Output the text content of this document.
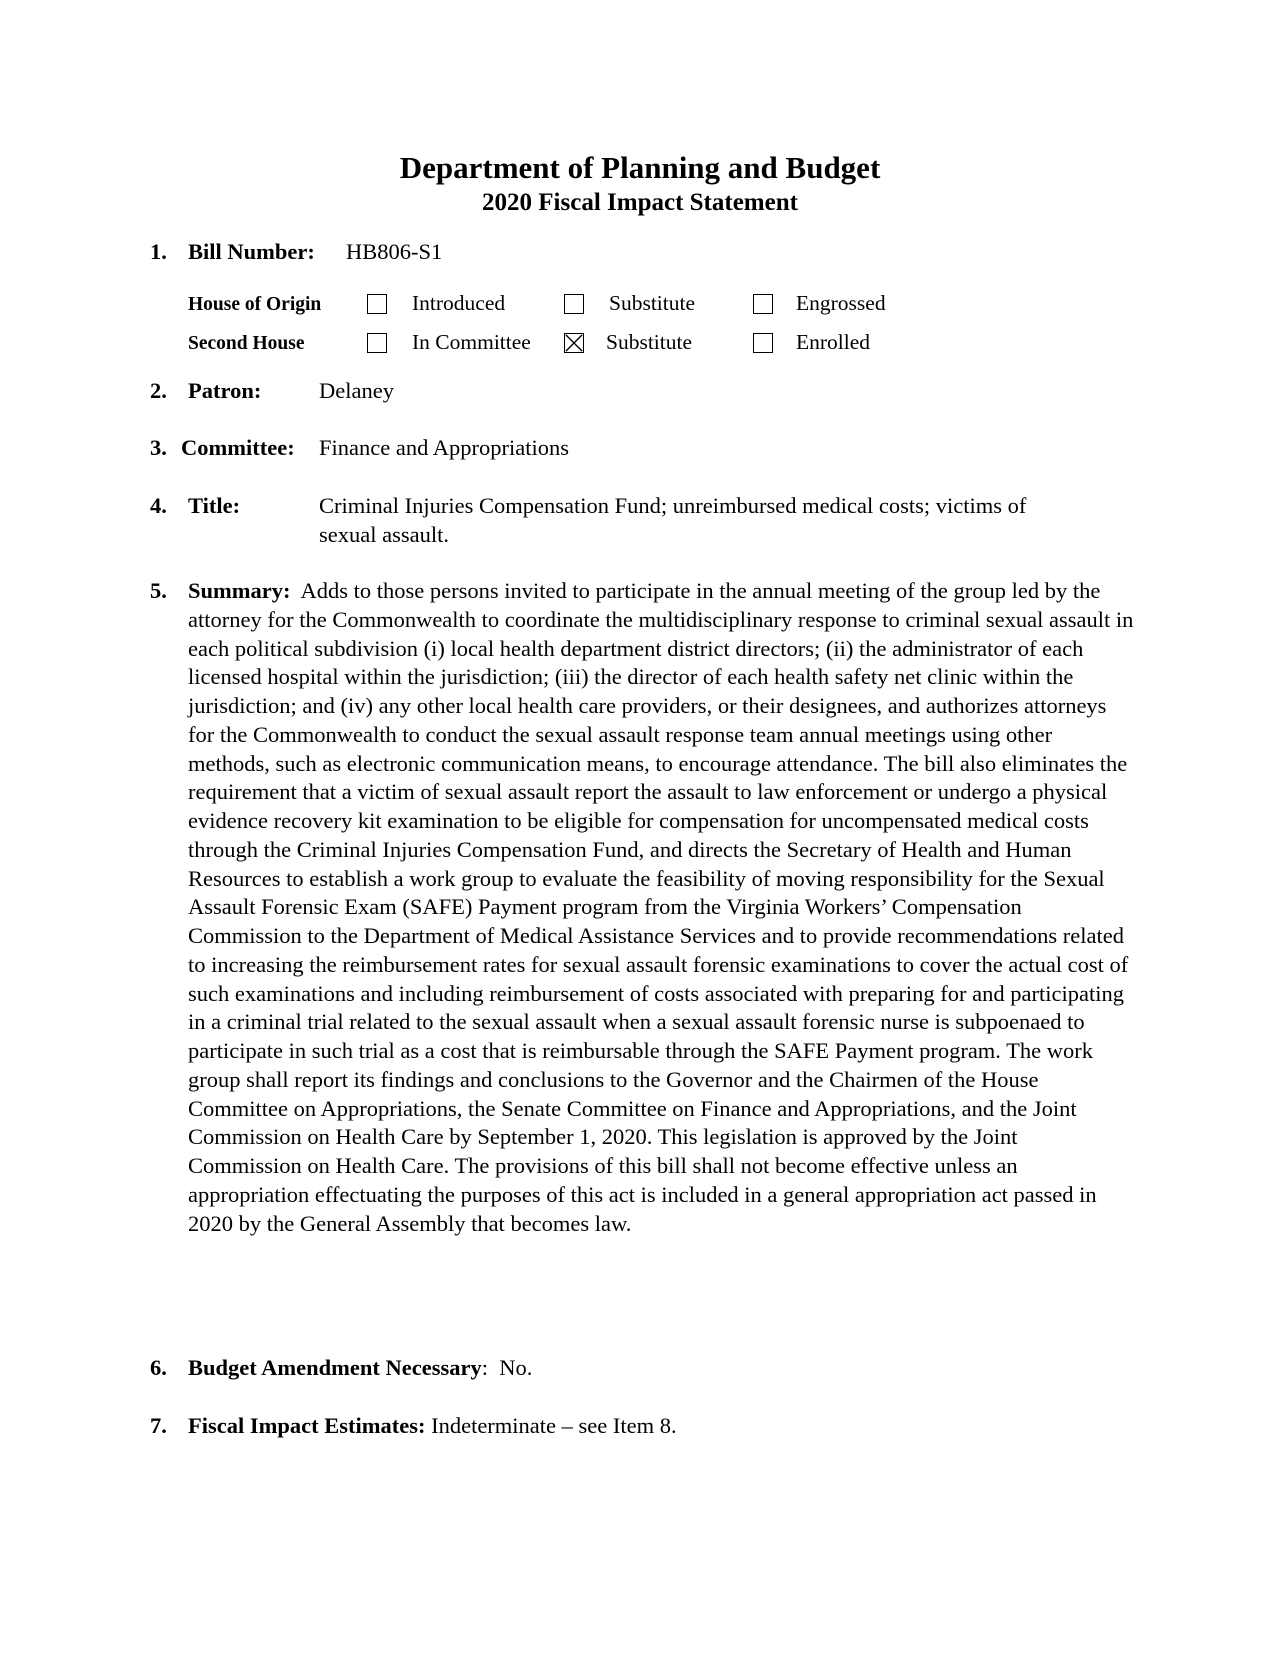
Department of Planning and Budget
2020 Fiscal Impact Statement
1. Bill Number: HB806-S1
House of Origin	Introduced	Substitute	Engrossed
Second House	In Committee	Substitute	Enrolled
2. Patron:	Delaney
3. Committee: Finance and Appropriations
4. Title:	Criminal Injuries Compensation Fund; unreimbursed medical costs; victims of
sexual assault.
5. Summary: Adds to those persons invited to participate in the annual meeting of the group led by the attorney for the Commonwealth to coordinate the multidisciplinary response to criminal sexual assault in each political subdivision (i) local health department district directors; (ii) the administrator of each licensed hospital within the jurisdiction; (iii) the director of each health safety net clinic within the jurisdiction; and (iv) any other local health care providers, or their designees, and authorizes attorneys for the Commonwealth to conduct the sexual assault response team annual meetings using other methods, such as electronic communication means, to encourage attendance. The bill also eliminates the requirement that a victim of sexual assault report the assault to law enforcement or undergo a physical evidence recovery kit examination to be eligible for compensation for uncompensated medical costs through the Criminal Injuries Compensation Fund, and directs the Secretary of Health and Human Resources to establish a work group to evaluate the feasibility of moving responsibility for the Sexual Assault Forensic Exam (SAFE) Payment program from the Virginia Workers’ Compensation Commission to the Department of Medical Assistance Services and to provide recommendations related to increasing the reimbursement rates for sexual assault forensic examinations to cover the actual cost of such examinations and including reimbursement of costs associated with preparing for and participating in a criminal trial related to the sexual assault when a sexual assault forensic nurse is subpoenaed to participate in such trial as a cost that is reimbursable through the SAFE Payment program. The work group shall report its findings and conclusions to the Governor and the Chairmen of the House Committee on Appropriations, the Senate Committee on Finance and Appropriations, and the Joint Commission on Health Care by September 1, 2020. This legislation is approved by the Joint Commission on Health Care. The provisions of this bill shall not become effective unless an appropriation effectuating the purposes of this act is included in a general appropriation act passed in 2020 by the General Assembly that becomes law.
6. Budget Amendment Necessary: No.
7. Fiscal Impact Estimates: Indeterminate – see Item 8.
